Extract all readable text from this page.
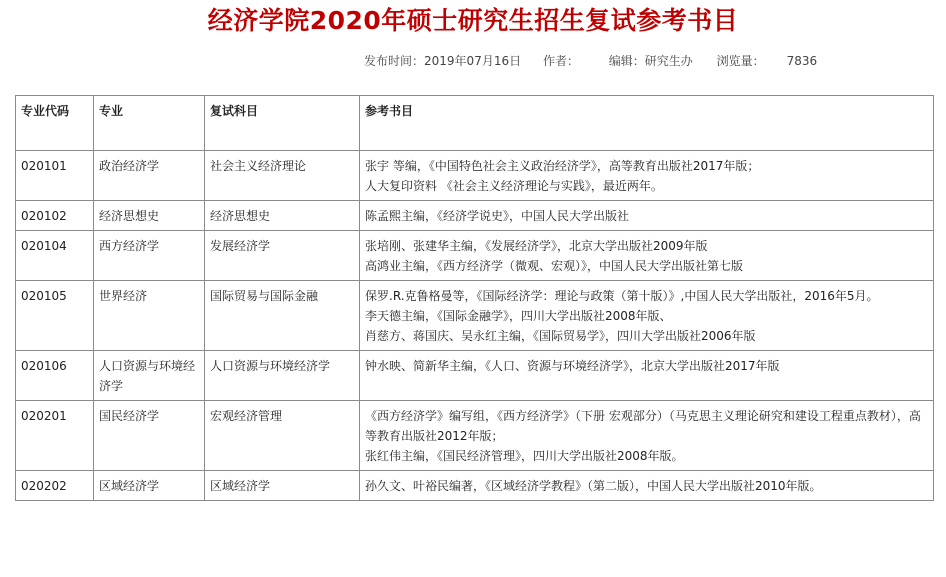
经济学院2020年硕士研究生招生复试参考书目
发布时间：2019年07月16日 作者： 编辑：研究生办 浏览量： 7836
专业代码	专业	复试科目	参考书目
020101	政治经济学	社会主义经济理论	张宇 等编，《中国特色社会主义政治经济学》，高等教育出版社2017年版；
人大复印资料 《社会主义经济理论与实践》，最近两年。

020102	经济思想史	经济思想史	陈孟熙主编，《经济学说史》，中国人民大学出版社

020104	西方经济学	发展经济学	张培刚、张建华主编，《发展经济学》，北京大学出版社2009年版
高鸿业主编，《西方经济学（微观、宏观）》，中国人民大学出版社第七版

020105	世界经济	国际贸易与国际金融	保罗.R.克鲁格曼等，《国际经济学：理论与政策（第十版）》,中国人民大学出版社，2016年5月。
李天德主编，《国际金融学》，四川大学出版社2008年版、
肖慈方、蒋国庆、吴永红主编，《国际贸易学》，四川大学出版社2006年版

020106	人口资源与环境经济学	人口资源与环境经济学	钟水映、简新华主编，《人口、资源与环境经济学》，北京大学出版社2017年版

020201	国民经济学	宏观经济管理	《西方经济学》编写组，《西方经济学》（下册 宏观部分）（马克思主义理论研究和建设工程重点教材），高等教育出版社2012年版；
张红伟主编，《国民经济管理》，四川大学出版社2008年版。

020202	区域经济学	区域经济学	孙久文、叶裕民编著，《区域经济学教程》（第二版），中国人民大学出版社2010年版。
